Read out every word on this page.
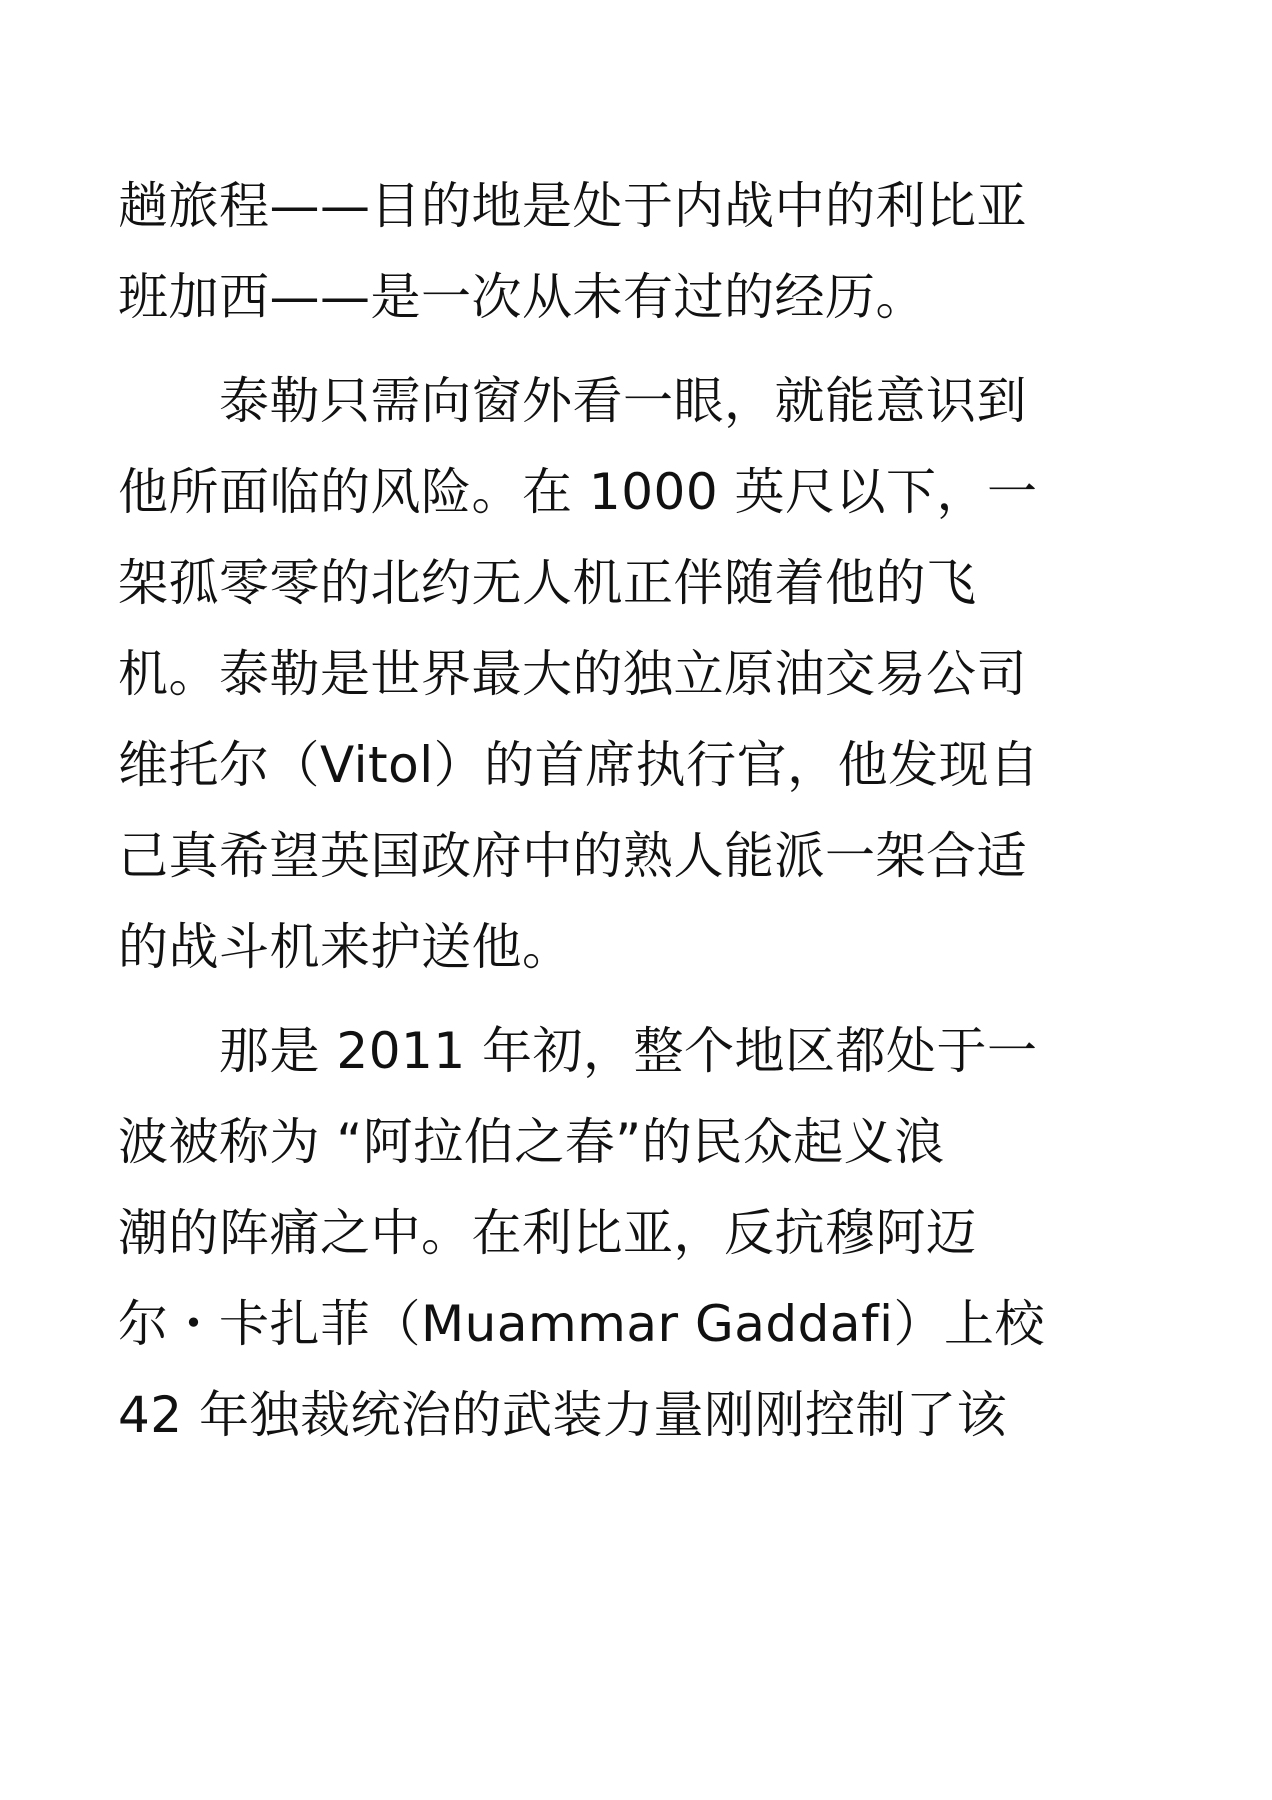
趟旅程——目的地是处于内战中的利比亚
班加西——是一次从未有过的经历。
　　泰勒只需向窗外看一眼，就能意识到
他所面临的风险。在 1000 英尺以下，一
架孤零零的北约无人机正伴随着他的飞
机。泰勒是世界最大的独立原油交易公司
维托尔（Vitol）的首席执行官，他发现自
己真希望英国政府中的熟人能派一架合适
的战斗机来护送他。
　　那是 2011 年初，整个地区都处于一
波被称为 “阿拉伯之春”的民众起义浪
潮的阵痛之中。在利比亚，反抗穆阿迈
尔・卡扎菲（Muammar Gaddafi）上校
42 年独裁统治的武装力量刚刚控制了该
